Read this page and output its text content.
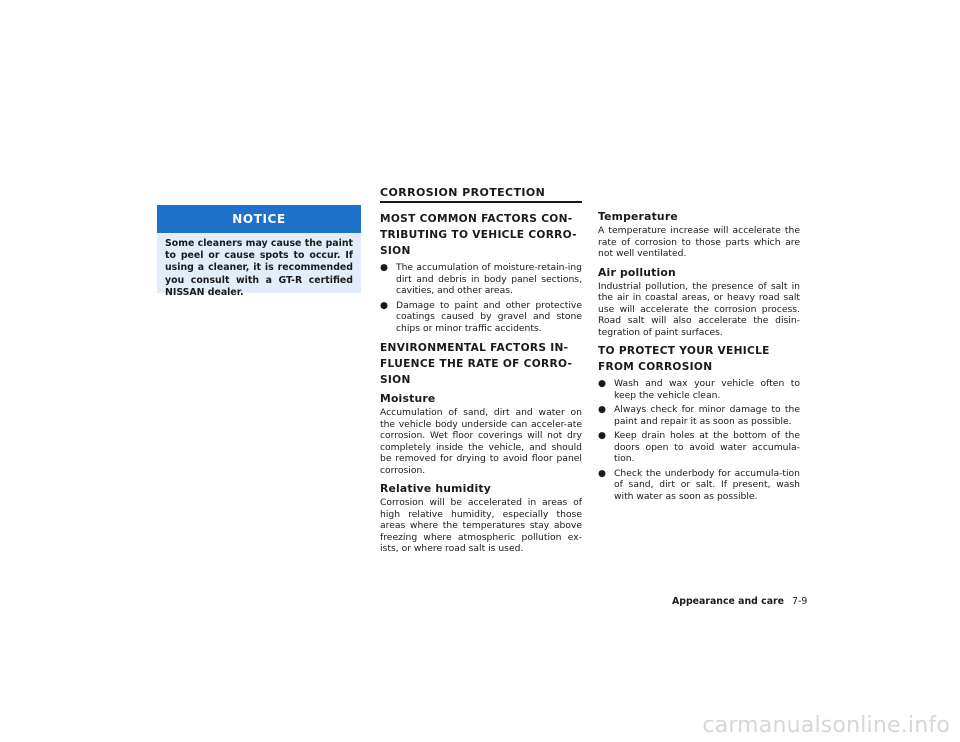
NOTICE
Some cleaners may cause the paint to peel or cause spots to occur. If using a cleaner, it is recommended you consult with a GT-R certified NISSAN dealer.
CORROSION PROTECTION
MOST COMMON FACTORS CON-TRIBUTING TO VEHICLE CORRO-SION
● The accumulation of moisture-retain-ing dirt and debris in body panel sections, cavities, and other areas.
● Damage to paint and other protective coatings caused by gravel and stone chips or minor traffic accidents.
ENVIRONMENTAL FACTORS IN-FLUENCE THE RATE OF CORRO-SION
Moisture

Accumulation of sand, dirt and water on the vehicle body underside can acceler-ate corrosion. Wet floor coverings will not dry completely inside the vehicle, and should be removed for drying to avoid floor panel corrosion.

Relative humidity

Corrosion will be accelerated in areas of high relative humidity, especially those areas where the temperatures stay above freezing where atmospheric pollution ex-ists, or where road salt is used.

Temperature

A temperature increase will accelerate the rate of corrosion to those parts which are not well ventilated.

Air pollution

Industrial pollution, the presence of salt in the air in coastal areas, or heavy road salt use will accelerate the corrosion process. Road salt will also accelerate the disin-tegration of paint surfaces.

TO PROTECT YOUR VEHICLE FROM CORROSION
● Wash and wax your vehicle often to keep the vehicle clean.
● Always check for minor damage to the paint and repair it as soon as possible.
● Keep drain holes at the bottom of the doors open to avoid water accumula-tion.
● Check the underbody for accumula-tion of sand, dirt or salt. If present, wash with water as soon as possible.
Appearance and care 7-9
carmanualsonline.info
